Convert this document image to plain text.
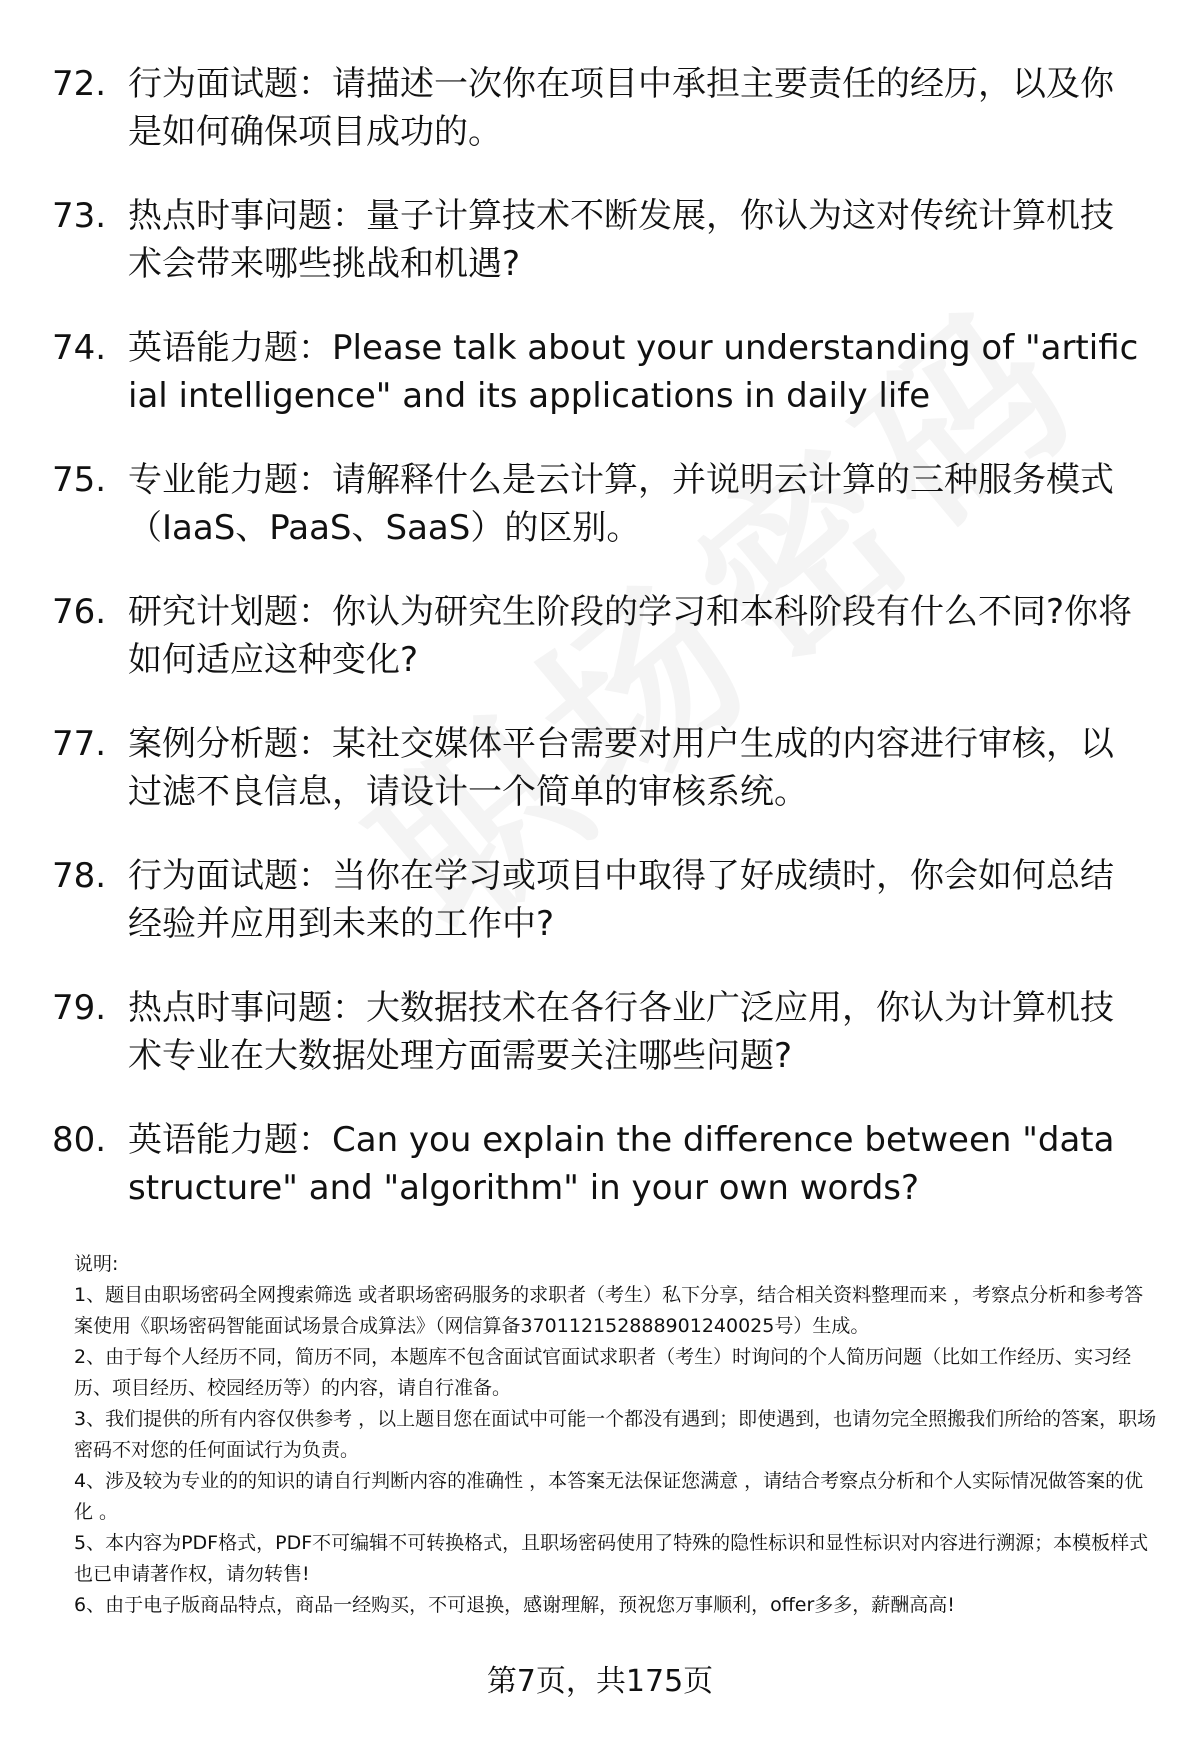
72. 行为面试题：请描述一次你在项目中承担主要责任的经历，以及你是如何确保项目成功的。
73. 热点时事问题：量子计算技术不断发展，你认为这对传统计算机技术会带来哪些挑战和机遇?
74. 英语能力题：Please talk about your understanding of "artificial intelligence" and its applications in daily life
75. 专业能力题：请解释什么是云计算，并说明云计算的三种服务模式（IaaS、PaaS、SaaS）的区别。
76. 研究计划题：你认为研究生阶段的学习和本科阶段有什么不同?你将如何适应这种变化?
77. 案例分析题：某社交媒体平台需要对用户生成的内容进行审核，以过滤不良信息，请设计一个简单的审核系统。
78. 行为面试题：当你在学习或项目中取得了好成绩时，你会如何总结经验并应用到未来的工作中?
79. 热点时事问题：大数据技术在各行各业广泛应用，你认为计算机技术专业在大数据处理方面需要关注哪些问题?
80. 英语能力题：Can you explain the difference between "data structure" and "algorithm" in your own words?

说明:

1、题目由职场密码全网搜索筛选 或者职场密码服务的求职者（考生）私下分享，结合相关资料整理而来 ，考察点分析和参考答案使用《职场密码智能面试场景合成算法》（网信算备370112152888901240025号）生成。

2、由于每个人经历不同，简历不同，本题库不包含面试官面试求职者（考生）时询问的个人简历问题（比如工作经历、实习经历、项目经历、校园经历等）的内容，请自行准备。

3、我们提供的所有内容仅供参考 ，以上题目您在面试中可能一个都没有遇到；即使遇到，也请勿完全照搬我们所给的答案，职场密码不对您的任何面试行为负责。

4、涉及较为专业的的知识的请自行判断内容的准确性 ，本答案无法保证您满意 ，请结合考察点分析和个人实际情况做答案的优化 。

5、本内容为PDF格式，PDF不可编辑不可转换格式，且职场密码使用了特殊的隐性标识和显性标识对内容进行溯源；本模板样式也已申请著作权，请勿转售!

6、由于电子版商品特点，商品一经购买，不可退换，感谢理解，预祝您万事顺利，offer多多，薪酬高高!

第7页，共175页
